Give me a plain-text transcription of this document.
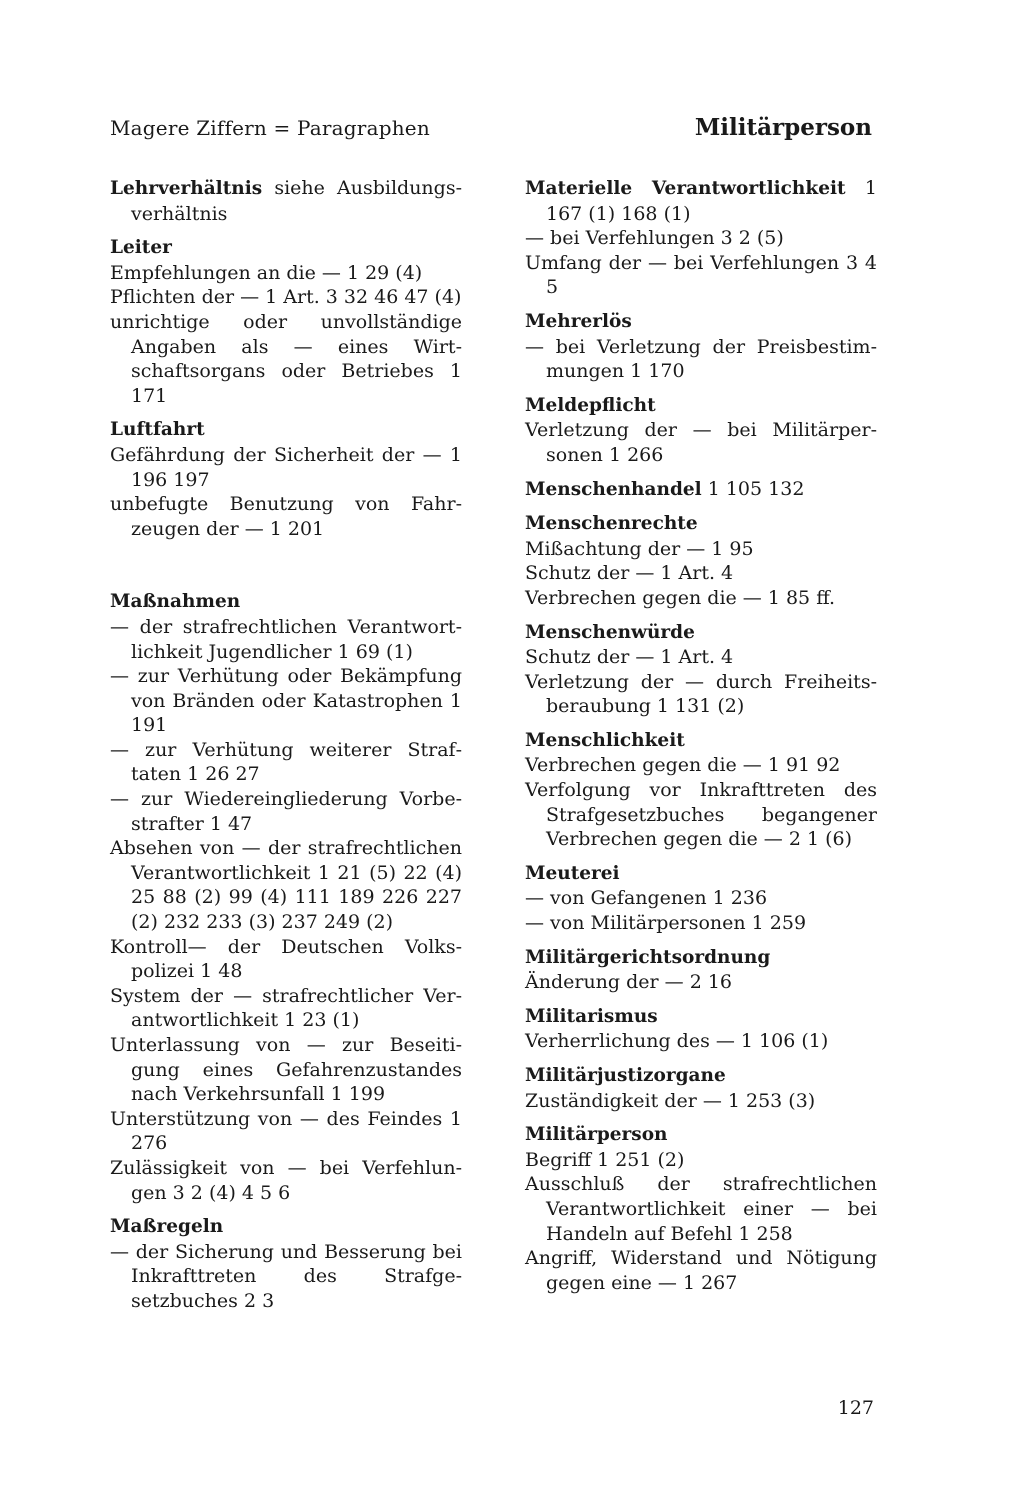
Magere Ziffern = Paragraphen	Militärperson
Lehrverhältnis siehe Ausbildungsverhältnis
Leiter
Empfehlungen an die — 1 29 (4)
Pflichten der — 1 Art. 3 32 46 47 (4)
unrichtige oder unvollständige Angaben als — eines Wirtschaftsorgans oder Betriebes 1 171
Luftfahrt
Gefährdung der Sicherheit der — 1 196 197
unbefugte Benutzung von Fahrzeugen der — 1 201
Maßnahmen
— der strafrechtlichen Verantwortlichkeit Jugendlicher 1 69 (1)
— zur Verhütung oder Bekämpfung von Bränden oder Katastrophen 1 191
— zur Verhütung weiterer Straftaten 1 26 27
— zur Wiedereingliederung Vorbestrafter 1 47
Absehen von — der strafrechtlichen Verantwortlichkeit 1 21 (5) 22 (4) 25 88 (2) 99 (4) 111 189 226 227 (2) 232 233 (3) 237 249 (2)
Kontroll— der Deutschen Volkspolizei 1 48
System der — strafrechtlicher Verantwortlichkeit 1 23 (1)
Unterlassung von — zur Beseitigung eines Gefahrenzustandes nach Verkehrsunfall 1 199
Unterstützung von — des Feindes 1 276
Zulässigkeit von — bei Verfehlungen 3 2 (4) 4 5 6
Maßregeln
— der Sicherung und Besserung bei Inkrafttreten des Strafgesetzbuches 2 3
Materielle Verantwortlichkeit 1 167 (1) 168 (1)
— bei Verfehlungen 3 2 (5)
Umfang der — bei Verfehlungen 3 4 5
Mehrerlös
— bei Verletzung der Preisbestimmungen 1 170
Meldepflicht
Verletzung der — bei Militärpersonen 1 266
Menschenhandel 1 105 132
Menschenrechte
Mißachtung der — 1 95
Schutz der — 1 Art. 4
Verbrechen gegen die — 1 85 ff.
Menschenwürde
Schutz der — 1 Art. 4
Verletzung der — durch Freiheitsberaubung 1 131 (2)
Menschlichkeit
Verbrechen gegen die — 1 91 92
Verfolgung vor Inkrafttreten des Strafgesetzbuches begangener Verbrechen gegen die — 2 1 (6)
Meuterei
— von Gefangenen 1 236
— von Militärpersonen 1 259
Militärgerichtsordnung
Änderung der — 2 16
Militarismus
Verherrlichung des — 1 106 (1)
Militärjustizorgane
Zuständigkeit der — 1 253 (3)
Militärperson
Begriff 1 251 (2)
Ausschluß der strafrechtlichen Verantwortlichkeit einer — bei Handeln auf Befehl 1 258
Angriff, Widerstand und Nötigung gegen eine — 1 267
127
